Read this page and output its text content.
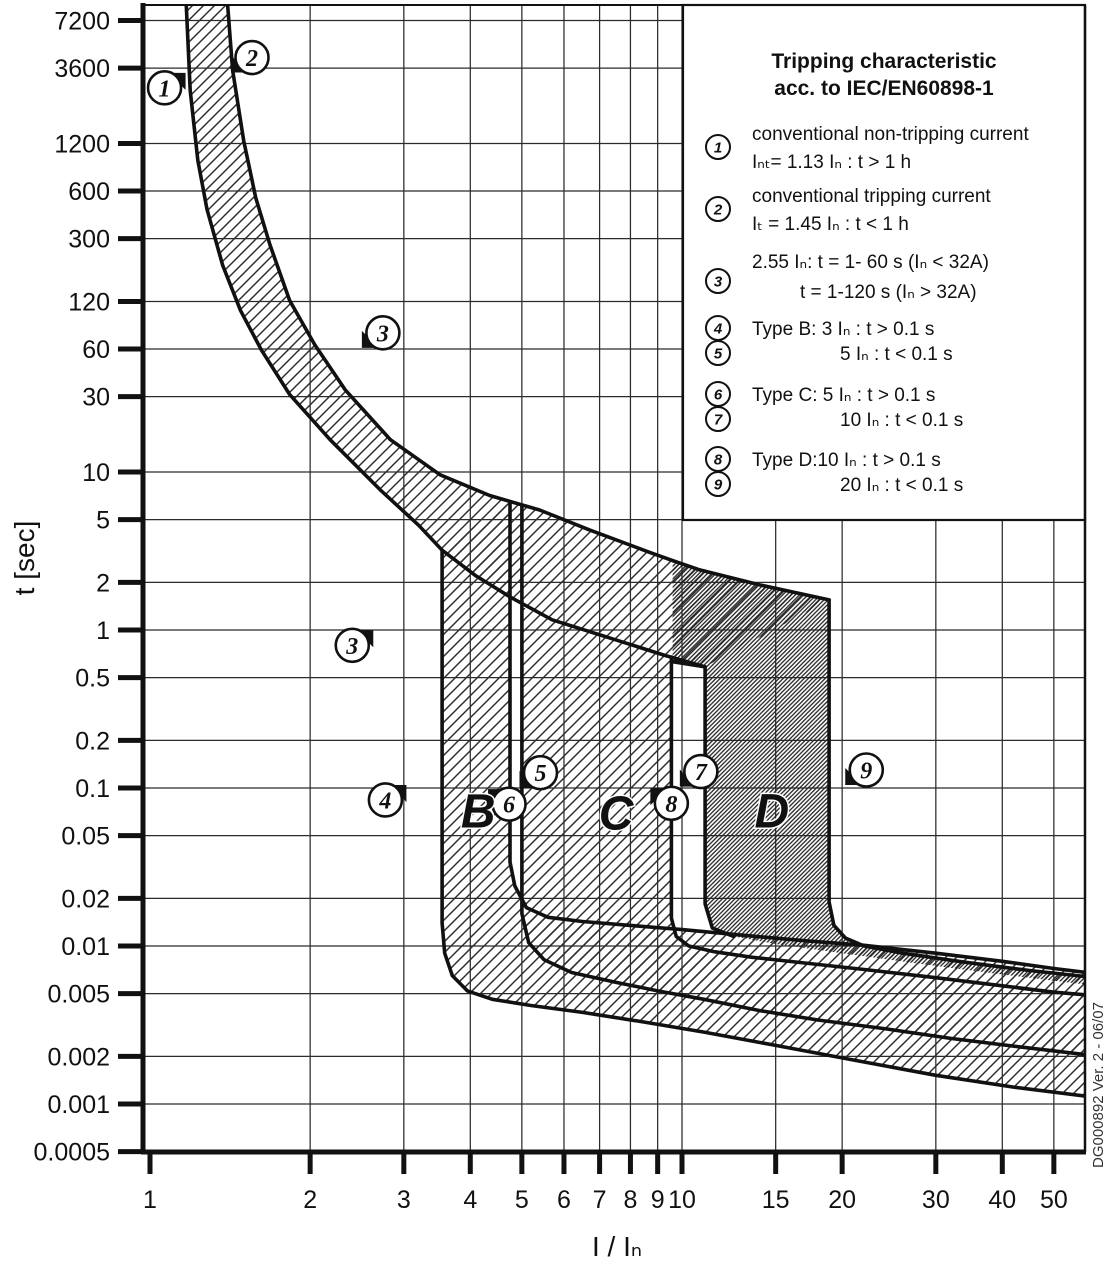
Tripping characteristic
acc. to IEC/EN60898-1
1
conventional non-tripping current
Iₙₜ= 1.13 Iₙ : t > 1 h
2
conventional tripping current
Iₜ = 1.45 Iₙ : t < 1 h
3
2.55 Iₙ: t = 1- 60 s (Iₙ < 32A)
t = 1-120 s (Iₙ > 32A)
4 Type B: 3 Iₙ : t > 0.1 s
5	5 Iₙ : t < 0.1 s
6 Type C: 5 Iₙ : t > 0.1 s
7	10 Iₙ : t < 0.1 s
8 Type D:10 Iₙ : t > 0.1 s
9	20 Iₙ : t < 0.1 s
1
2
3
3
4
5
6
7
8
9
B C	D
7200
3600
1200
600
300
120
60
30
10
5
2
1
0.5
0.2
0.1
0.05
0.02
0.01
0.005
0.002
0.001
0.0005
1	2	3 4 5 6 7 8 9 10	15 20	30 40 50
t [sec]
I / Iₙ
DG000892 Ver. 2 - 06/07
